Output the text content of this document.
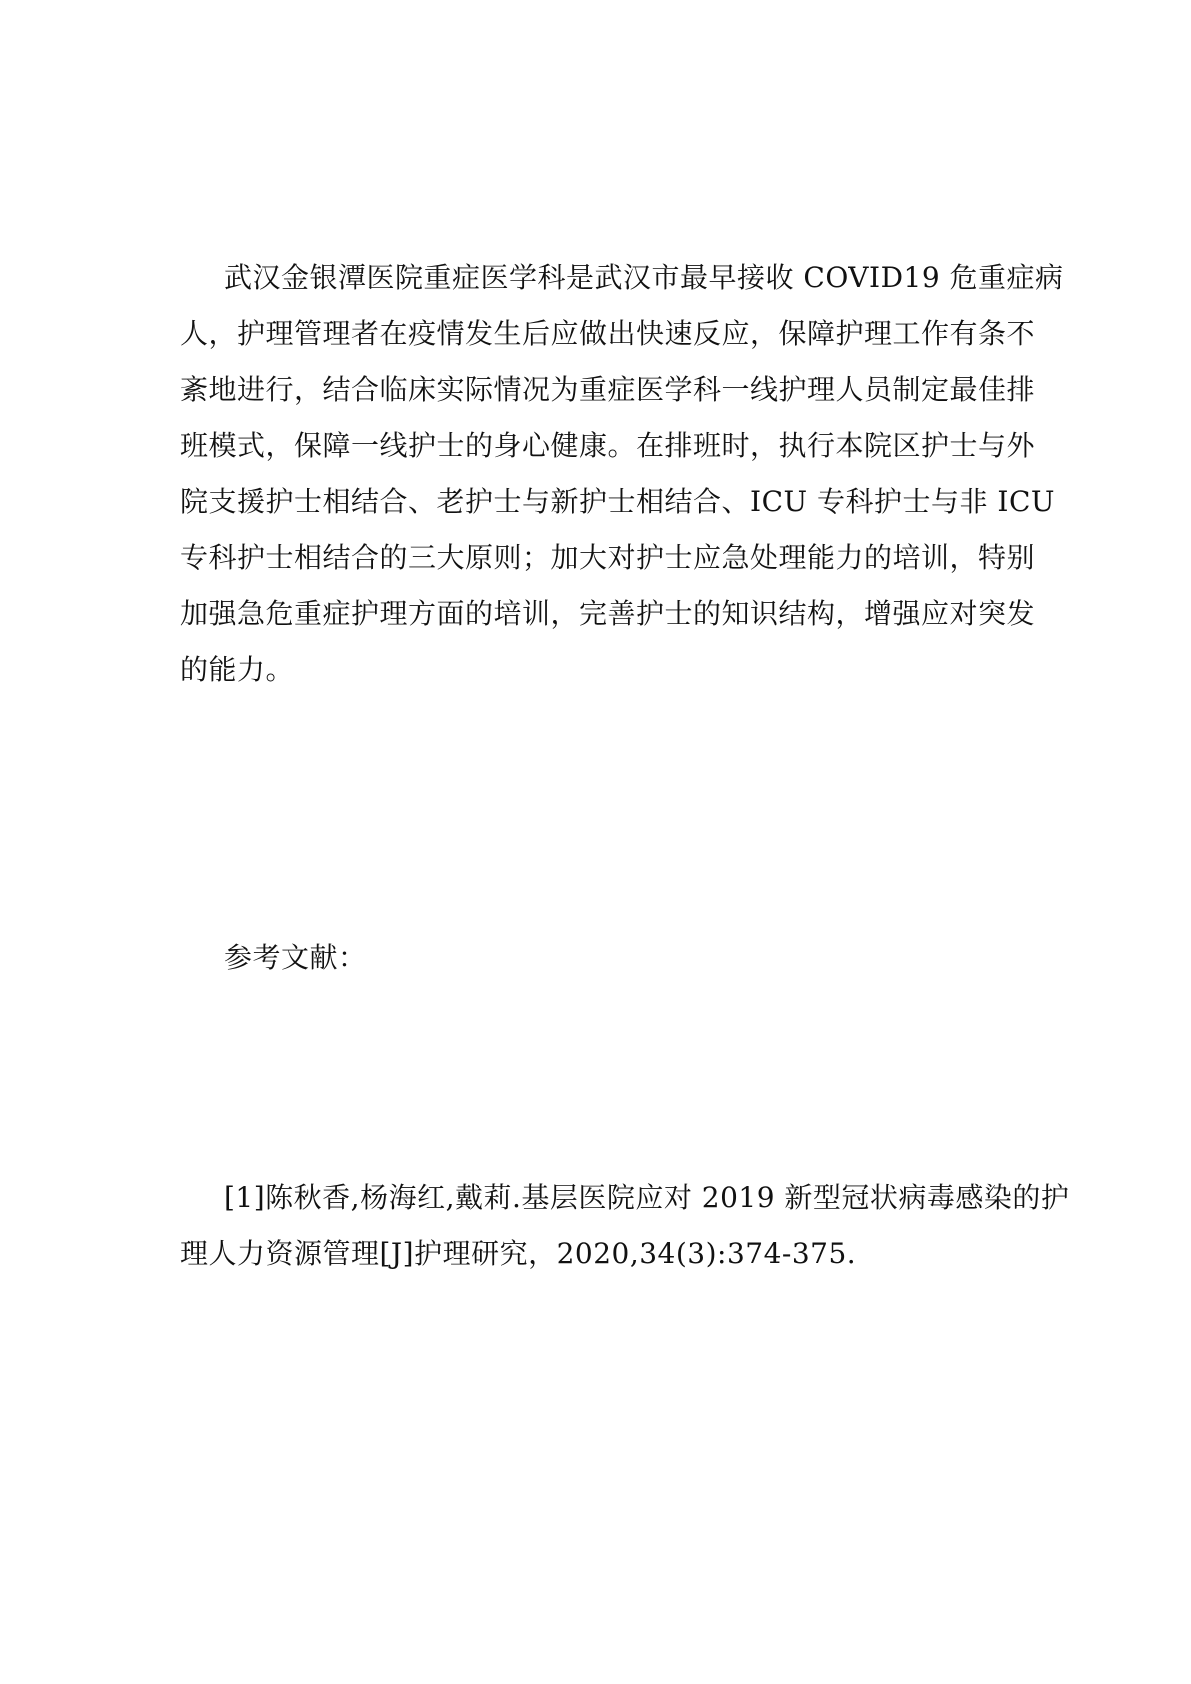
武汉金银潭医院重症医学科是武汉市最早接收 COVID19 危重症病
人，护理管理者在疫情发生后应做出快速反应，保障护理工作有条不
紊地进行，结合临床实际情况为重症医学科一线护理人员制定最佳排
班模式，保障一线护士的身心健康。在排班时，执行本院区护士与外
院支援护士相结合、老护士与新护士相结合、ICU 专科护士与非 ICU
专科护士相结合的三大原则；加大对护士应急处理能力的培训，特别
加强急危重症护理方面的培训，完善护士的知识结构，增强应对突发
的能力。
参考文献：
[1]陈秋香,杨海红,戴莉.基层医院应对 2019 新型冠状病毒感染的护
理人力资源管理[J]护理研究，2020,34(3):374-375.
